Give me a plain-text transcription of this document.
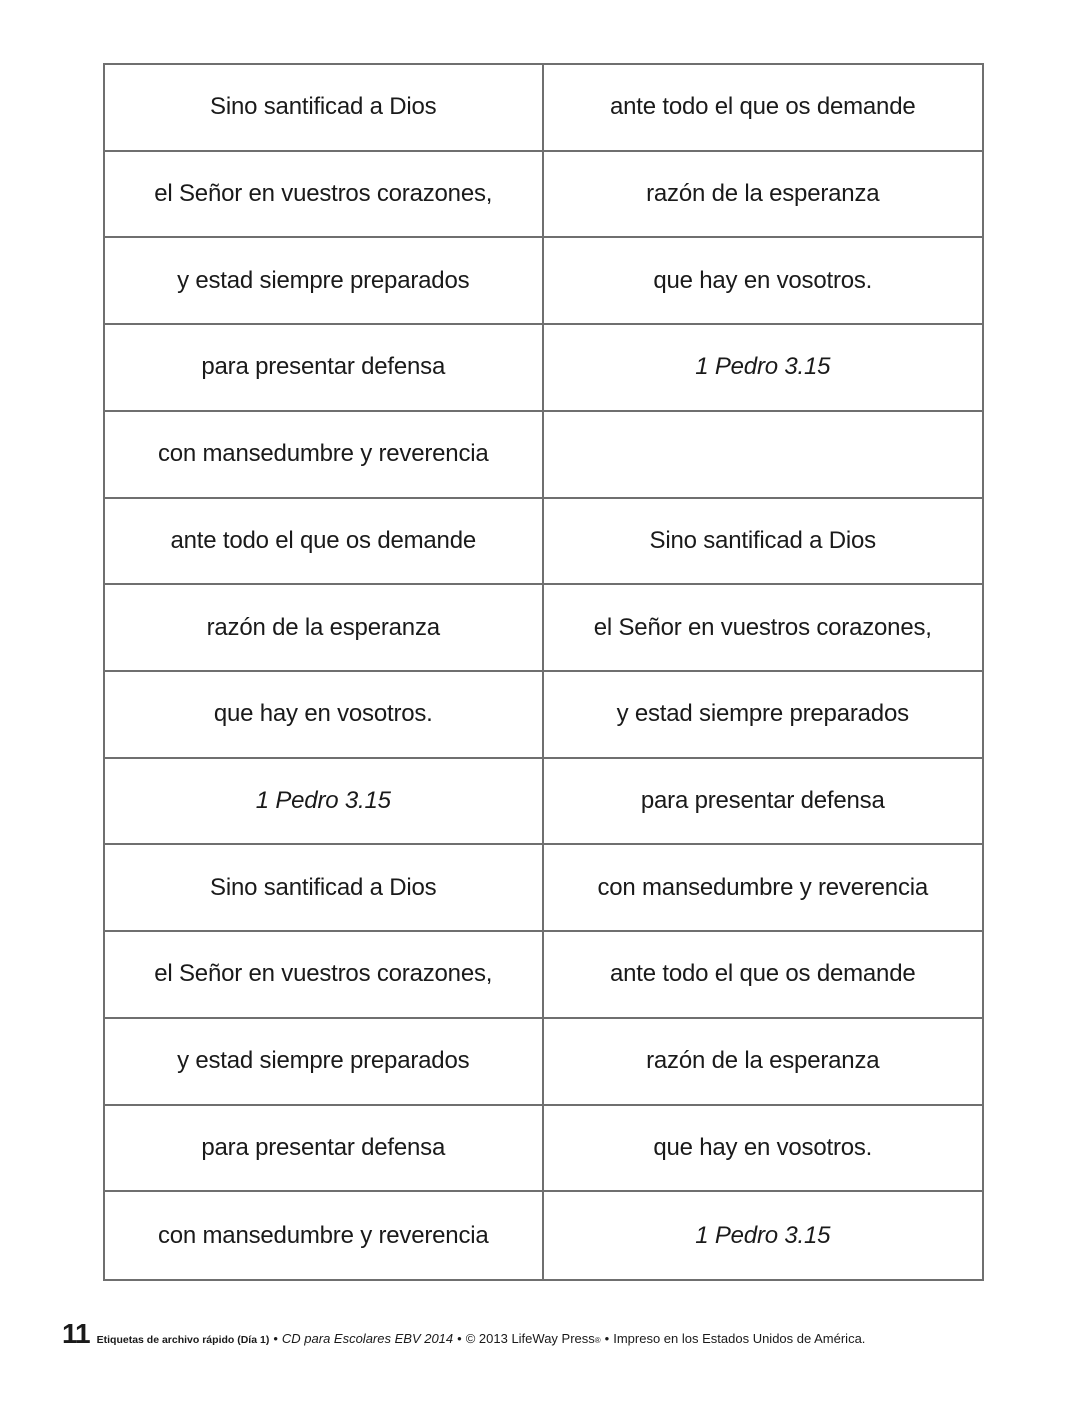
Sino santificad a Dios	ante todo el que os demande
el Señor en vuestros corazones,	razón de la esperanza
y estad siempre preparados	que hay en vosotros.
para presentar defensa	1 Pedro 3.15
con mansedumbre y reverencia
ante todo el que os demande	Sino santificad a Dios
razón de la esperanza	el Señor en vuestros corazones,
que hay en vosotros.	y estad siempre preparados
1 Pedro 3.15	para presentar defensa
Sino santificad a Dios	con mansedumbre y reverencia
el Señor en vuestros corazones,	ante todo el que os demande
y estad siempre preparados	razón de la esperanza
para presentar defensa	que hay en vosotros.
con mansedumbre y reverencia	1 Pedro 3.15
11 Etiquetas de archivo rápido (Día 1) • CD para Escolares EBV 2014 • © 2013 LifeWay Press ® • Impreso en los Estados Unidos de América.
